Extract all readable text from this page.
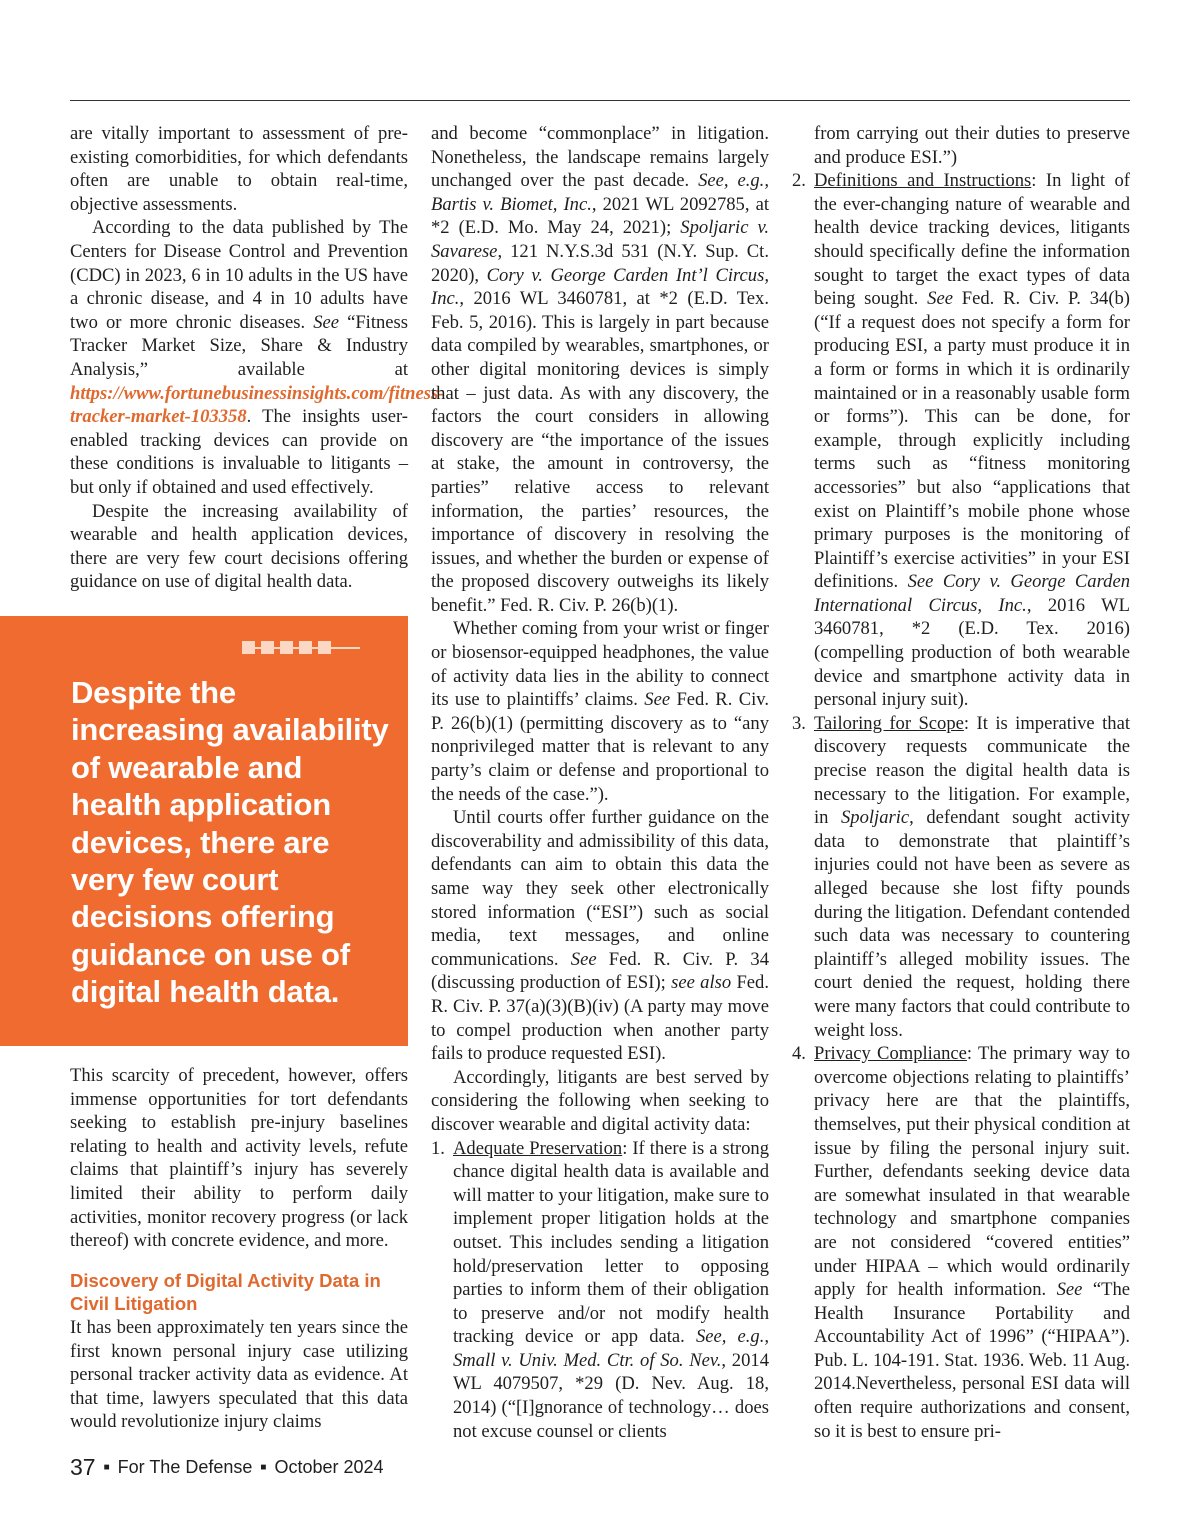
are vitally important to assessment of pre-existing comorbidities, for which defendants often are unable to obtain real-time, objective assessments.

According to the data published by The Centers for Disease Control and Prevention (CDC) in 2023, 6 in 10 adults in the US have a chronic disease, and 4 in 10 adults have two or more chronic diseases. See “Fitness Tracker Market Size, Share & Industry Analysis,” available at https://www.fortunebusinessinsights.com/fitness-tracker-market-103358. The insights user-enabled tracking devices can provide on these conditions is invaluable to litigants – but only if obtained and used effectively.

Despite the increasing availability of wearable and health application devices, there are very few court decisions offering guidance on use of digital health data.

Despite the increasing availability of wearable and health application devices, there are very few court decisions offering guidance on use of digital health data.

This scarcity of precedent, however, offers immense opportunities for tort defendants seeking to establish pre-injury baselines relating to health and activity levels, refute claims that plaintiff’s injury has severely limited their ability to perform daily activities, monitor recovery progress (or lack thereof) with concrete evidence, and more.

Discovery of Digital Activity Data in Civil Litigation

It has been approximately ten years since the first known personal injury case utilizing personal tracker activity data as evidence. At that time, lawyers speculated that this data would revolutionize injury claims

and become “commonplace” in litigation. Nonetheless, the landscape remains largely unchanged over the past decade. See, e.g., Bartis v. Biomet, Inc., 2021 WL 2092785, at *2 (E.D. Mo. May 24, 2021); Spoljaric v. Savarese, 121 N.Y.S.3d 531 (N.Y. Sup. Ct. 2020), Cory v. George Carden Int’l Circus, Inc., 2016 WL 3460781, at *2 (E.D. Tex. Feb. 5, 2016). This is largely in part because data compiled by wearables, smartphones, or other digital monitoring devices is simply that – just data. As with any discovery, the factors the court considers in allowing discovery are “the importance of the issues at stake, the amount in controversy, the parties” relative access to relevant information, the parties’ resources, the importance of discovery in resolving the issues, and whether the burden or expense of the proposed discovery outweighs its likely benefit.” Fed. R. Civ. P. 26(b)(1).

Whether coming from your wrist or finger or biosensor-equipped headphones, the value of activity data lies in the ability to connect its use to plaintiffs’ claims. See Fed. R. Civ. P. 26(b)(1) (permitting discovery as to “any nonprivileged matter that is relevant to any party’s claim or defense and proportional to the needs of the case.”).

Until courts offer further guidance on the discoverability and admissibility of this data, defendants can aim to obtain this data the same way they seek other electronically stored information (“ESI”) such as social media, text messages, and online communications. See Fed. R. Civ. P. 34 (discussing production of ESI); see also Fed. R. Civ. P. 37(a)(3)(B)(iv) (A party may move to compel production when another party fails to produce requested ESI).

Accordingly, litigants are best served by considering the following when seeking to discover wearable and digital activity data:

1. Adequate Preservation: If there is a strong chance digital health data is available and will matter to your litigation, make sure to implement proper litigation holds at the outset. This includes sending a litigation hold/preservation letter to opposing parties to inform them of their obligation to preserve and/or not modify health tracking device or app data. See, e.g., Small v. Univ. Med. Ctr. of So. Nev., 2014 WL 4079507, *29 (D. Nev. Aug. 18, 2014) (“[I]gnorance of technology… does not excuse counsel or clients
from carrying out their duties to preserve and produce ESI.”)
2. Definitions and Instructions: In light of the ever-changing nature of wearable and health device tracking devices, litigants should specifically define the information sought to target the exact types of data being sought. See Fed. R. Civ. P. 34(b) (“If a request does not specify a form for producing ESI, a party must produce it in a form or forms in which it is ordinarily maintained or in a reasonably usable form or forms”). This can be done, for example, through explicitly including terms such as “fitness monitoring accessories” but also “applications that exist on Plaintiff’s mobile phone whose primary purposes is the monitoring of Plaintiff’s exercise activities” in your ESI definitions. See Cory v. George Carden International Circus, Inc., 2016 WL 3460781, *2 (E.D. Tex. 2016) (compelling production of both wearable device and smartphone activity data in personal injury suit).
3. Tailoring for Scope: It is imperative that discovery requests communicate the precise reason the digital health data is necessary to the litigation. For example, in Spoljaric, defendant sought activity data to demonstrate that plaintiff’s injuries could not have been as severe as alleged because she lost fifty pounds during the litigation. Defendant contended such data was necessary to countering plaintiff’s alleged mobility issues. The court denied the request, holding there were many factors that could contribute to weight loss.
4. Privacy Compliance: The primary way to overcome objections relating to plaintiffs’ privacy here are that the plaintiffs, themselves, put their physical condition at issue by filing the personal injury suit. Further, defendants seeking device data are somewhat insulated in that wearable technology and smartphone companies are not considered “covered entities” under HIPAA – which would ordinarily apply for health information. See “The Health Insurance Portability and Accountability Act of 1996” (“HIPAA”). Pub. L. 104-191. Stat. 1936. Web. 11 Aug. 2014.Nevertheless, personal ESI data will often require authorizations and consent, so it is best to ensure pri-
37 ■ For The Defense ■ October 2024
